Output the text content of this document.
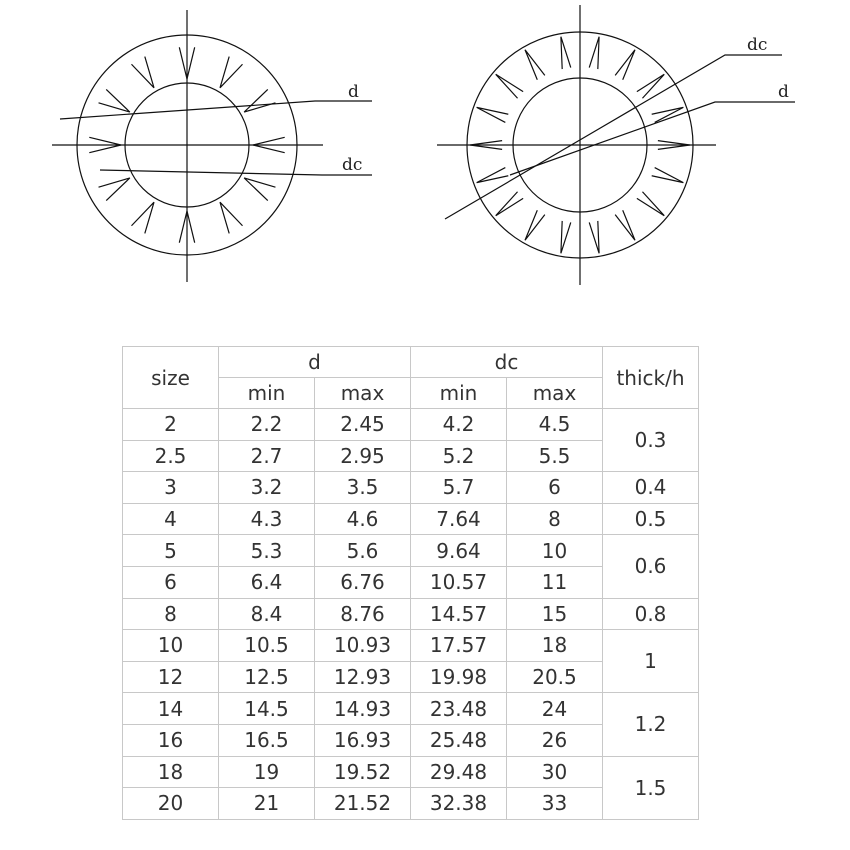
d
dc
dc
d
size	d		dc		thick/h
	min	max	min	max	
2	2.2	2.45	4.2	4.5	0.3
2.5	2.7	2.95	5.2	5.5	
3	3.2	3.5	5.7	6	0.4
4	4.3	4.6	7.64	8	0.5
5	5.3	5.6	9.64	10	0.6
6	6.4	6.76	10.57	11	
8	8.4	8.76	14.57	15	0.8
10	10.5	10.93	17.57	18	1
12	12.5	12.93	19.98	20.5	
14	14.5	14.93	23.48	24	1.2
16	16.5	16.93	25.48	26	
18	19	19.52	29.48	30	1.5
20	21	21.52	32.38	33	
